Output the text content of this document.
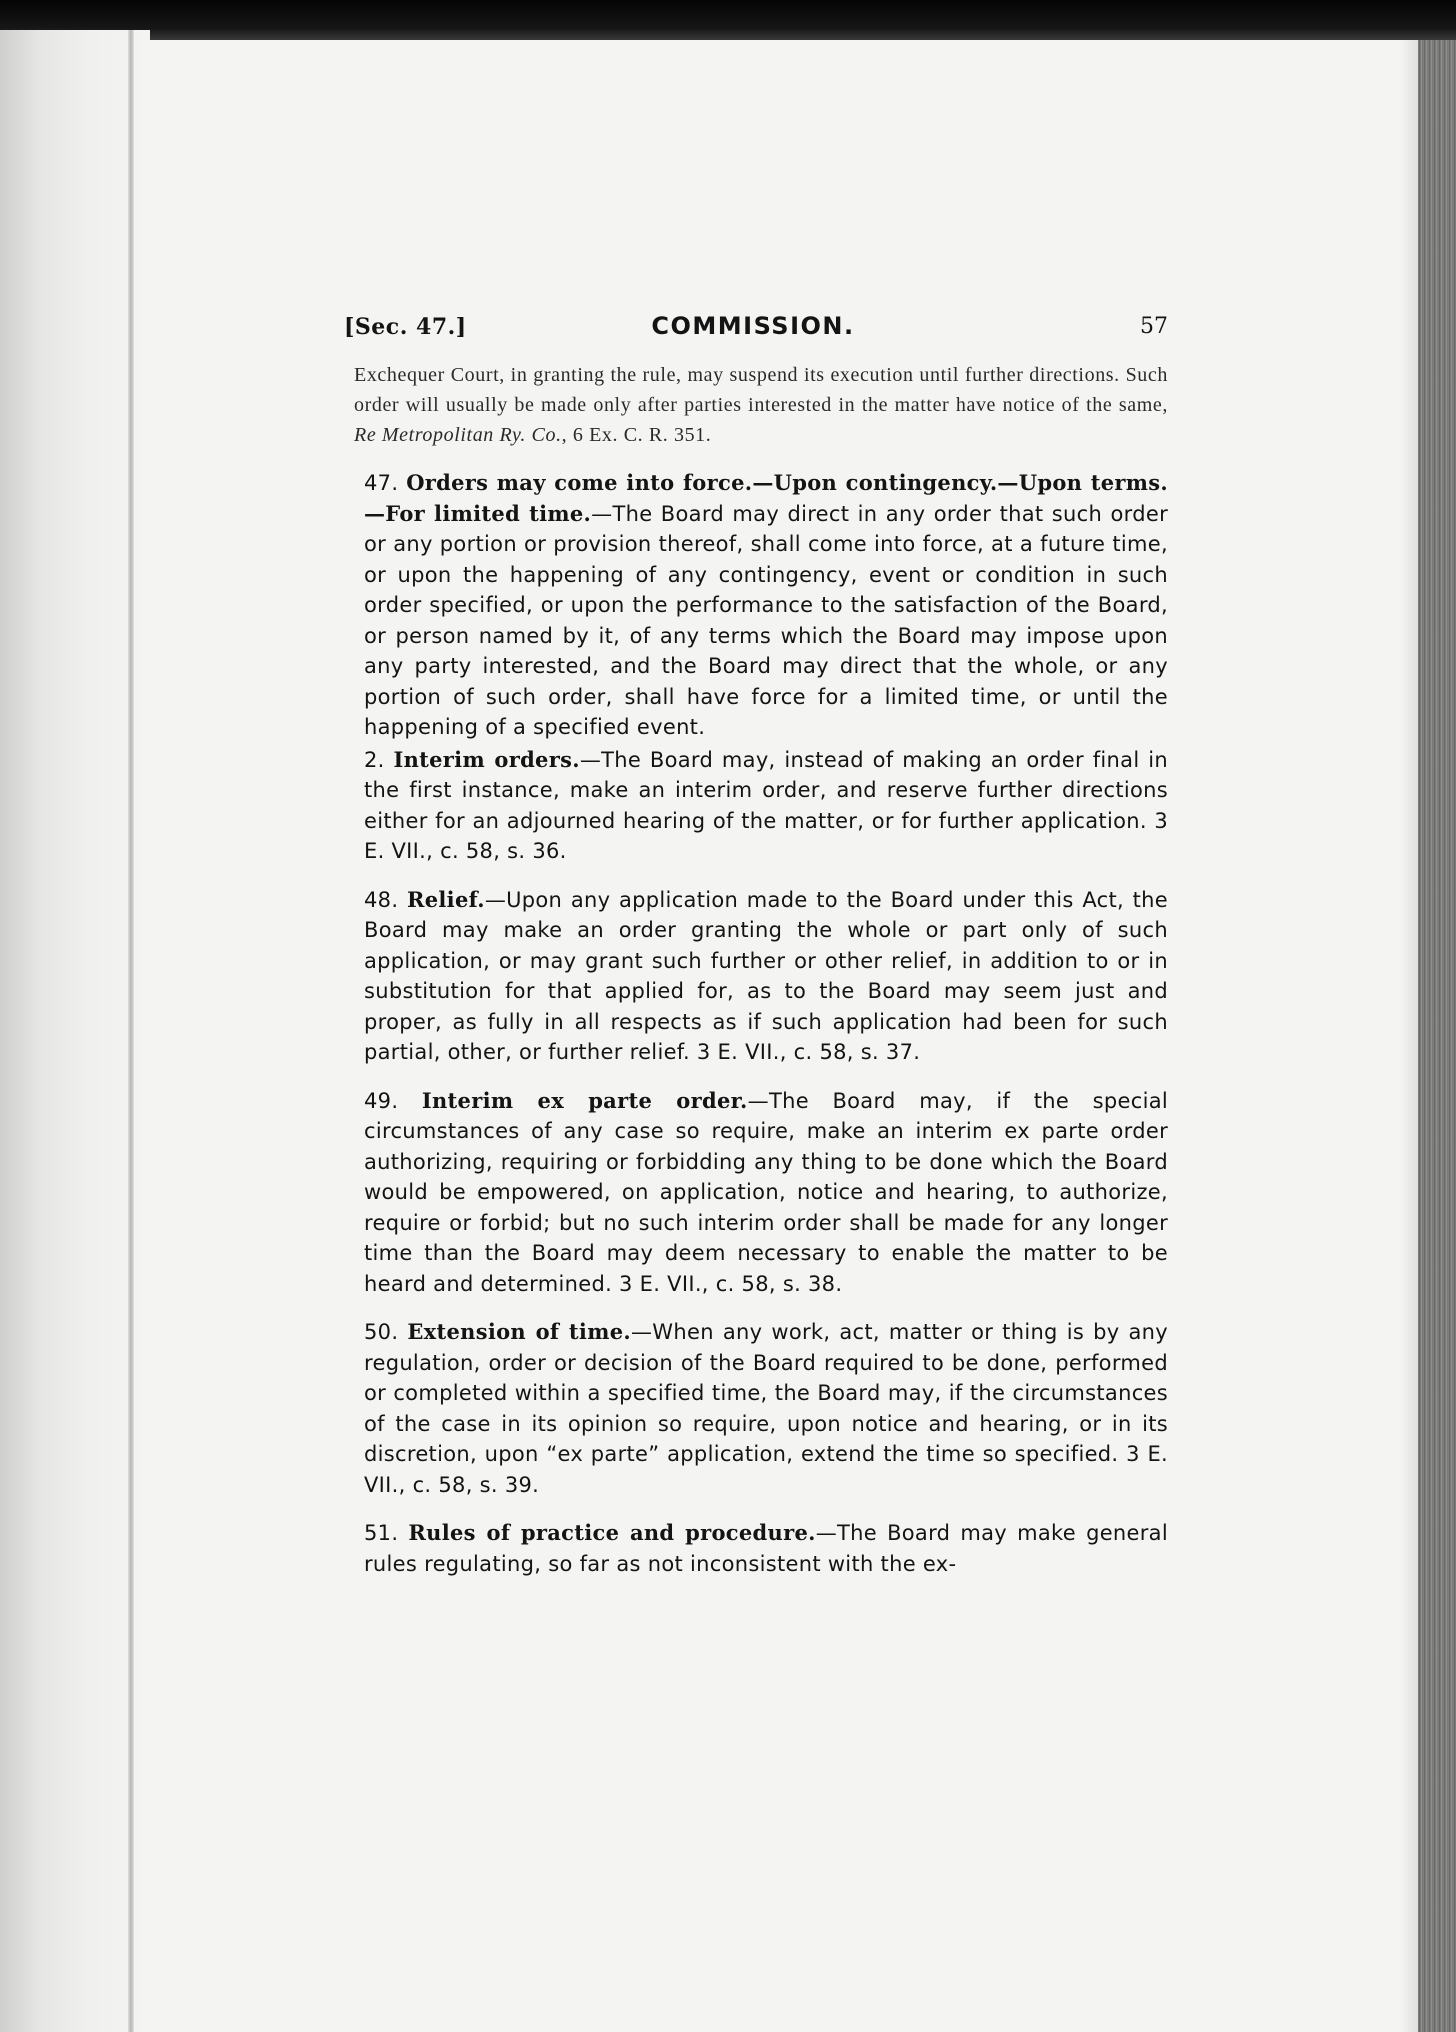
[Sec. 47.]	COMMISSION.	57

Exchequer Court, in granting the rule, may suspend its execution until further directions. Such order will usually be made only after parties interested in the matter have notice of the same, Re Metropolitan Ry. Co., 6 Ex. C. R. 351.

47. Orders may come into force.—Upon contingency.—Upon terms.—For limited time.—The Board may direct in any order that such order or any portion or provision thereof, shall come into force, at a future time, or upon the happening of any contingency, event or condition in such order specified, or upon the performance to the satisfaction of the Board, or person named by it, of any terms which the Board may impose upon any party interested, and the Board may direct that the whole, or any portion of such order, shall have force for a limited time, or until the happening of a specified event.

2. Interim orders.—The Board may, instead of making an order final in the first instance, make an interim order, and reserve further directions either for an adjourned hearing of the matter, or for further application. 3 E. VII., c. 58, s. 36.

48. Relief.—Upon any application made to the Board under this Act, the Board may make an order granting the whole or part only of such application, or may grant such further or other relief, in addition to or in substitution for that applied for, as to the Board may seem just and proper, as fully in all respects as if such application had been for such partial, other, or further relief. 3 E. VII., c. 58, s. 37.

49. Interim ex parte order.—The Board may, if the special circumstances of any case so require, make an interim ex parte order authorizing, requiring or forbidding any thing to be done which the Board would be empowered, on application, notice and hearing, to authorize, require or forbid; but no such interim order shall be made for any longer time than the Board may deem necessary to enable the matter to be heard and determined. 3 E. VII., c. 58, s. 38.

50. Extension of time.—When any work, act, matter or thing is by any regulation, order or decision of the Board required to be done, performed or completed within a specified time, the Board may, if the circumstances of the case in its opinion so require, upon notice and hearing, or in its discretion, upon “ex parte” application, extend the time so specified. 3 E. VII., c. 58, s. 39.

51. Rules of practice and procedure.—The Board may make general rules regulating, so far as not inconsistent with the ex-
